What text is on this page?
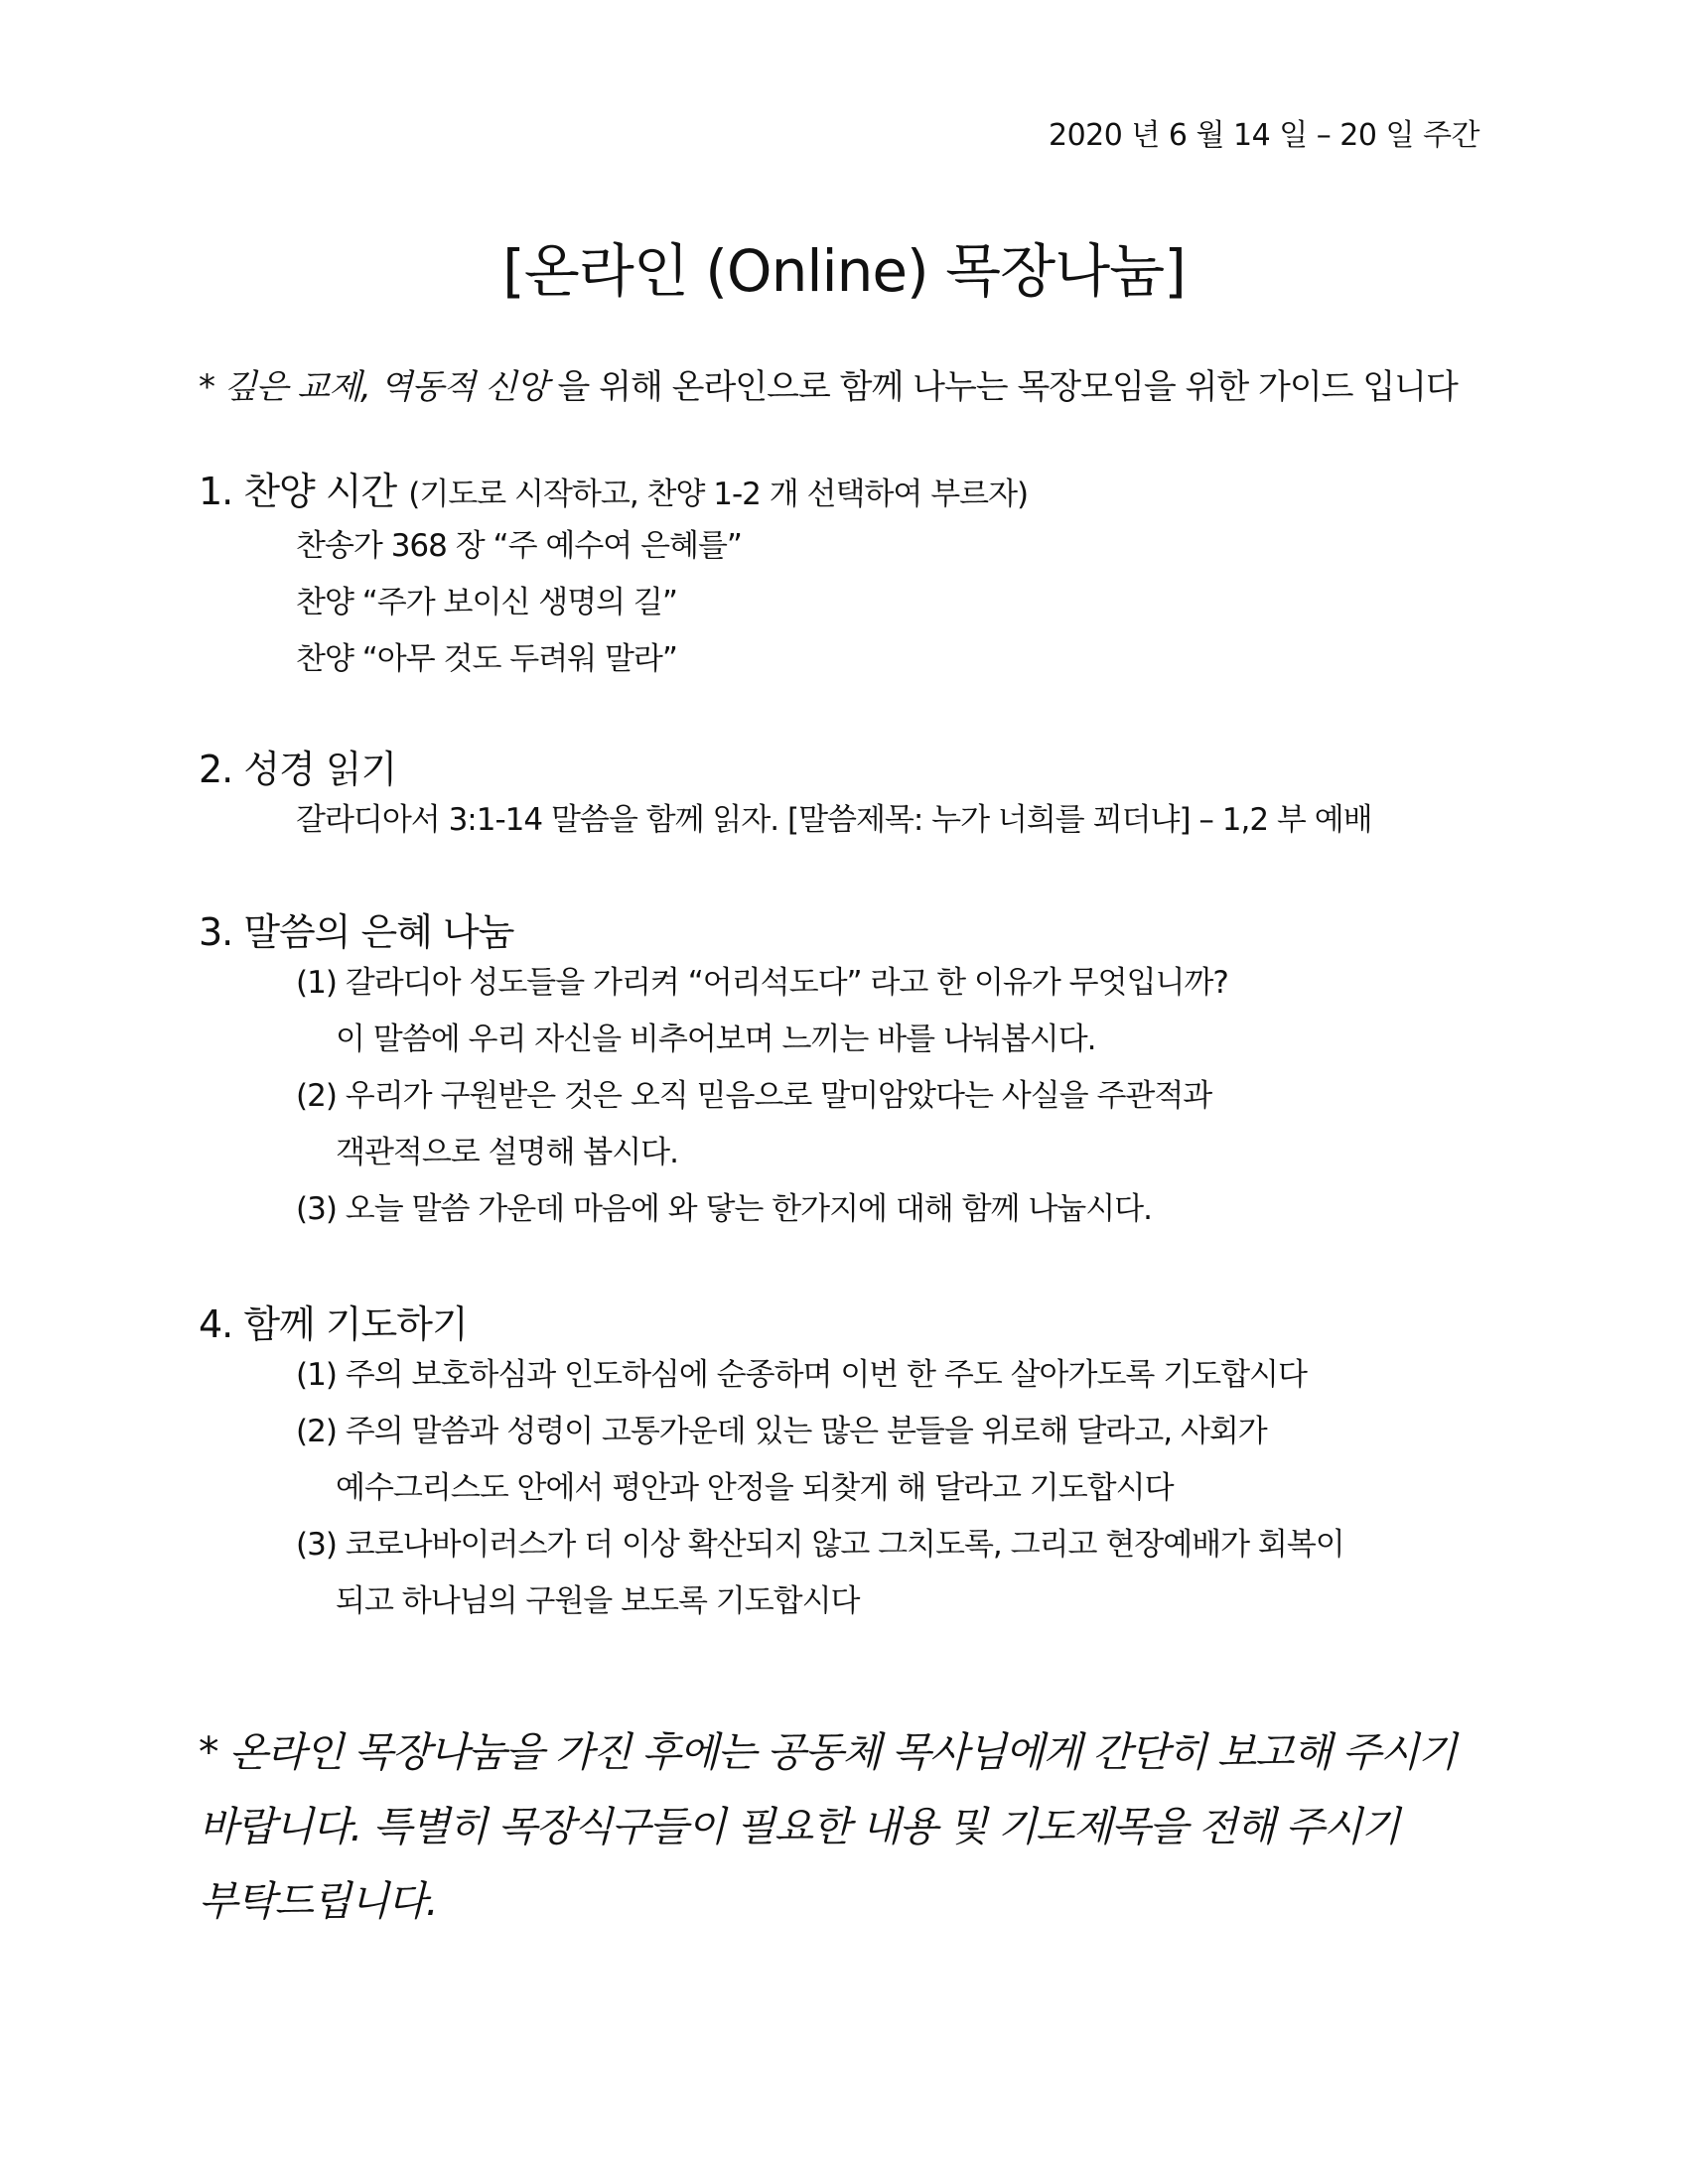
2020 년 6 월 14 일 – 20 일 주간
[온라인 (Online) 목장나눔]
* 깊은 교제, 역동적 신앙 을 위해 온라인으로 함께 나누는 목장모임을 위한 가이드 입니다
1. 찬양 시간 (기도로 시작하고, 찬양 1-2 개 선택하여 부르자)
찬송가 368 장 “주 예수여 은혜를”
찬양 “주가 보이신 생명의 길”
찬양 “아무 것도 두려워 말라”
2. 성경 읽기
갈라디아서 3:1-14 말씀을 함께 읽자. [말씀제목: 누가 너희를 꾀더냐] – 1,2 부 예배
3. 말씀의 은혜 나눔
(1) 갈라디아 성도들을 가리켜 “어리석도다” 라고 한 이유가 무엇입니까?
이 말씀에 우리 자신을 비추어보며 느끼는 바를 나눠봅시다.
(2) 우리가 구원받은 것은 오직 믿음으로 말미암았다는 사실을 주관적과
객관적으로 설명해 봅시다.
(3) 오늘 말씀 가운데 마음에 와 닿는 한가지에 대해 함께 나눕시다.
4. 함께 기도하기
(1) 주의 보호하심과 인도하심에 순종하며 이번 한 주도 살아가도록 기도합시다
(2) 주의 말씀과 성령이 고통가운데 있는 많은 분들을 위로해 달라고, 사회가
예수그리스도 안에서 평안과 안정을 되찾게 해 달라고 기도합시다
(3) 코로나바이러스가 더 이상 확산되지 않고 그치도록, 그리고 현장예배가 회복이
되고 하나님의 구원을 보도록 기도합시다
* 온라인 목장나눔을 가진 후에는 공동체 목사님에게 간단히 보고해 주시기
바랍니다. 특별히 목장식구들이 필요한 내용 및 기도제목을 전해 주시기
부탁드립니다.
